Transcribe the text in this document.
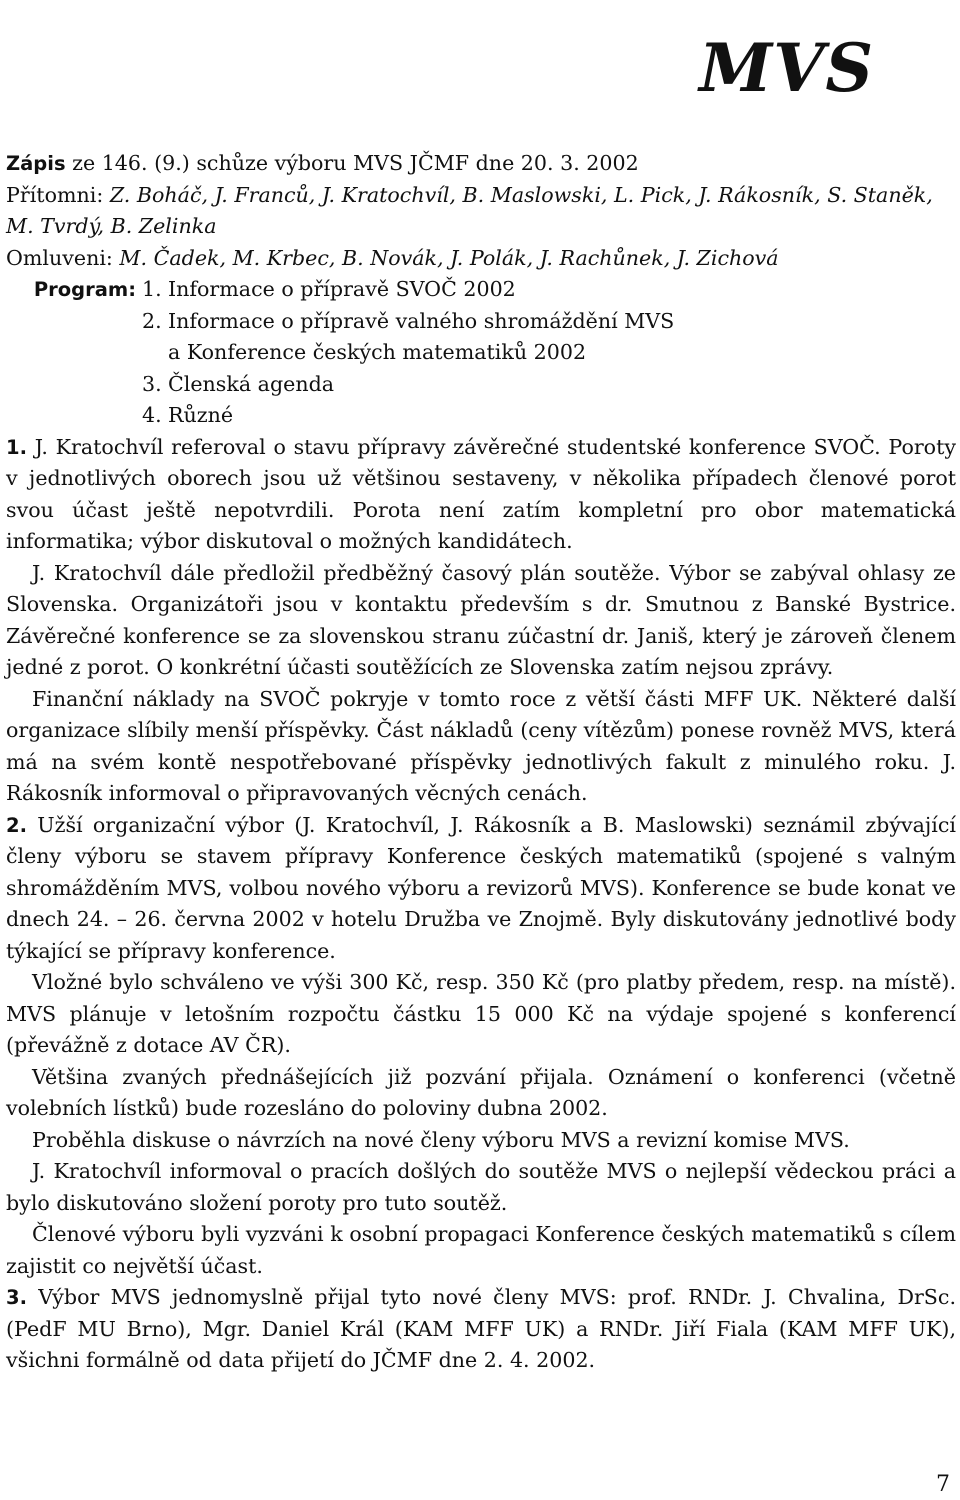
MVS

Zápis ze 146. (9.) schůze výboru MVS JČMF dne 20. 3. 2002

Přítomni: Z. Boháč, J. Franců, J. Kratochvíl, B. Maslowski, L. Pick, J. Rákosník, S. Staněk, M. Tvrdý, B. Zelinka

Omluveni: M. Čadek, M. Krbec, B. Novák, J. Polák, J. Rachůnek, J. Zichová

Program: 1. Informace o přípravě SVOČ 2002
2. Informace o přípravě valného shromáždění MVS
a Konference českých matematiků 2002
3. Členská agenda
4. Různé

1. J. Kratochvíl referoval o stavu přípravy závěrečné studentské konference SVOČ. Poroty v jednotlivých oborech jsou už většinou sestaveny, v několika případech členové porot svou účast ještě nepotvrdili. Porota není zatím kompletní pro obor matematická informatika; výbor diskutoval o možných kandidátech.

J. Kratochvíl dále předložil předběžný časový plán soutěže. Výbor se zabýval ohlasy ze Slovenska. Organizátoři jsou v kontaktu především s dr. Smutnou z Banské Bystrice. Závěrečné konference se za slovenskou stranu zúčastní dr. Janiš, který je zároveň členem jedné z porot. O konkrétní účasti soutěžících ze Slovenska zatím nejsou zprávy.

Finanční náklady na SVOČ pokryje v tomto roce z větší části MFF UK. Některé další organizace slíbily menší příspěvky. Část nákladů (ceny vítězům) ponese rovněž MVS, která má na svém kontě nespotřebované příspěvky jednotlivých fakult z minulého roku. J. Rákosník informoval o připravovaných věcných cenách.

2. Užší organizační výbor (J. Kratochvíl, J. Rákosník a B. Maslowski) seznámil zbývající členy výboru se stavem přípravy Konference českých matematiků (spojené s valným shromážděním MVS, volbou nového výboru a revizorů MVS). Konference se bude konat ve dnech 24. – 26. června 2002 v hotelu Družba ve Znojmě. Byly diskutovány jednotlivé body týkající se přípravy konference.

Vložné bylo schváleno ve výši 300 Kč, resp. 350 Kč (pro platby předem, resp. na místě). MVS plánuje v letošním rozpočtu částku 15 000 Kč na výdaje spojené s konferencí (převážně z dotace AV ČR).

Většina zvaných přednášejících již pozvání přijala. Oznámení o konferenci (včetně volebních lístků) bude rozesláno do poloviny dubna 2002.

Proběhla diskuse o návrzích na nové členy výboru MVS a revizní komise MVS.

J. Kratochvíl informoval o pracích došlých do soutěže MVS o nejlepší vědeckou práci a bylo diskutováno složení poroty pro tuto soutěž.

Členové výboru byli vyzváni k osobní propagaci Konference českých matematiků s cílem zajistit co největší účast.

3. Výbor MVS jednomyslně přijal tyto nové členy MVS: prof. RNDr. J. Chvalina, DrSc. (PedF MU Brno), Mgr. Daniel Král (KAM MFF UK) a RNDr. Jiří Fiala (KAM MFF UK), všichni formálně od data přijetí do JČMF dne 2. 4. 2002.

7
